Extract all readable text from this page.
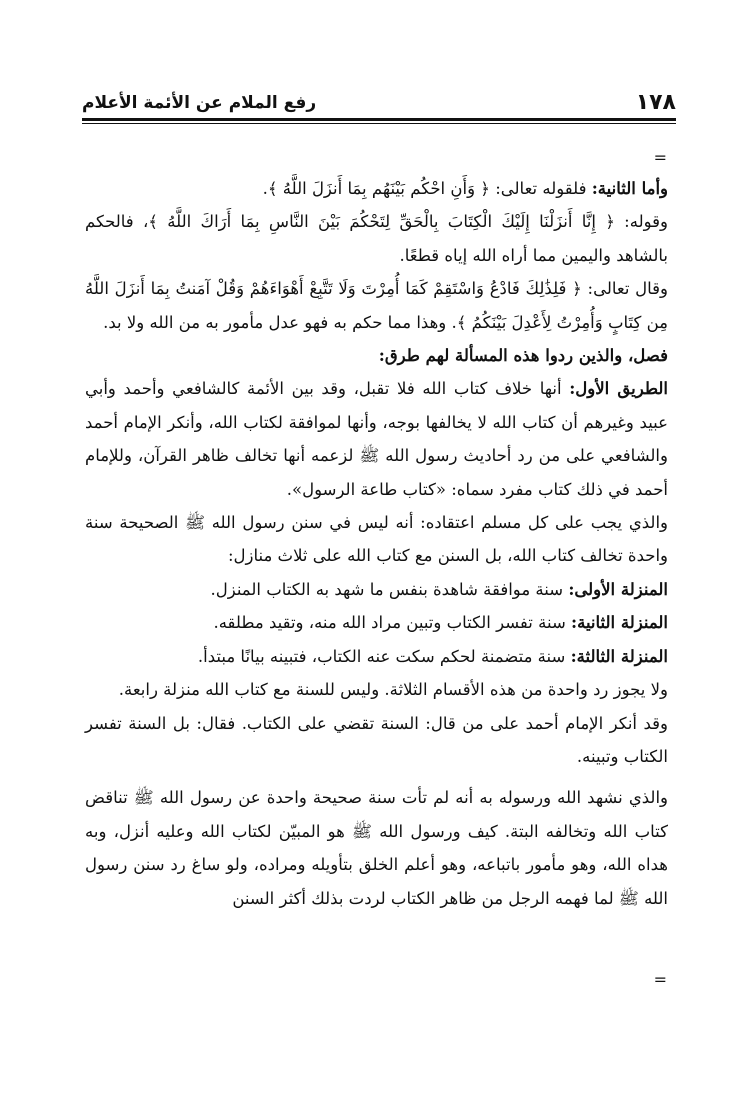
١٧٨
رفع الملام عن الأئمة الأعلام
=

وأما الثانية: فلقوله تعالى: ﴿ وَأَنِ احْكُم بَيْنَهُم بِمَا أَنزَلَ اللَّهُ ﴾.

وقوله: ﴿ إِنَّا أَنزَلْنَا إِلَيْكَ الْكِتَابَ بِالْحَقِّ لِتَحْكُمَ بَيْنَ النَّاسِ بِمَا أَرَاكَ اللَّهُ ﴾، فالحكم بالشاهد واليمين مما أراه الله إياه قطعًا.

وقال تعالى: ﴿ فَلِذَٰلِكَ فَادْعُ وَاسْتَقِمْ كَمَا أُمِرْتَ وَلَا تَتَّبِعْ أَهْوَاءَهُمْ وَقُلْ آمَنتُ بِمَا أَنزَلَ اللَّهُ مِن كِتَابٍ وَأُمِرْتُ لِأَعْدِلَ بَيْنَكُمُ ﴾. وهذا مما حكم به فهو عدل مأمور به من الله ولا بد.

فصل، والذين ردوا هذه المسألة لهم طرق:

الطريق الأول: أنها خلاف كتاب الله فلا تقبل، وقد بين الأئمة كالشافعي وأحمد وأبي عبيد وغيرهم أن كتاب الله لا يخالفها بوجه، وأنها لموافقة لكتاب الله، وأنكر الإمام أحمد والشافعي على من رد أحاديث رسول الله ﷺ لزعمه أنها تخالف ظاهر القرآن، وللإمام أحمد في ذلك كتاب مفرد سماه: «كتاب طاعة الرسول».

والذي يجب على كل مسلم اعتقاده: أنه ليس في سنن رسول الله ﷺ الصحيحة سنة واحدة تخالف كتاب الله، بل السنن مع كتاب الله على ثلاث منازل:

المنزلة الأولى: سنة موافقة شاهدة بنفس ما شهد به الكتاب المنزل.

المنزلة الثانية: سنة تفسر الكتاب وتبين مراد الله منه، وتقيد مطلقه.

المنزلة الثالثة: سنة متضمنة لحكم سكت عنه الكتاب، فتبينه بيانًا مبتدأ.

ولا يجوز رد واحدة من هذه الأقسام الثلاثة. وليس للسنة مع كتاب الله منزلة رابعة.

وقد أنكر الإمام أحمد على من قال: السنة تقضي على الكتاب. فقال: بل السنة تفسر الكتاب وتبينه.

والذي نشهد الله ورسوله به أنه لم تأت سنة صحيحة واحدة عن رسول الله ﷺ تناقض كتاب الله وتخالفه البتة. كيف ورسول الله ﷺ هو المبيّن لكتاب الله وعليه أنزل، وبه هداه الله، وهو مأمور باتباعه، وهو أعلم الخلق بتأويله ومراده، ولو ساغ رد سنن رسول الله ﷺ لما فهمه الرجل من ظاهر الكتاب لردت بذلك أكثر السنن

=
